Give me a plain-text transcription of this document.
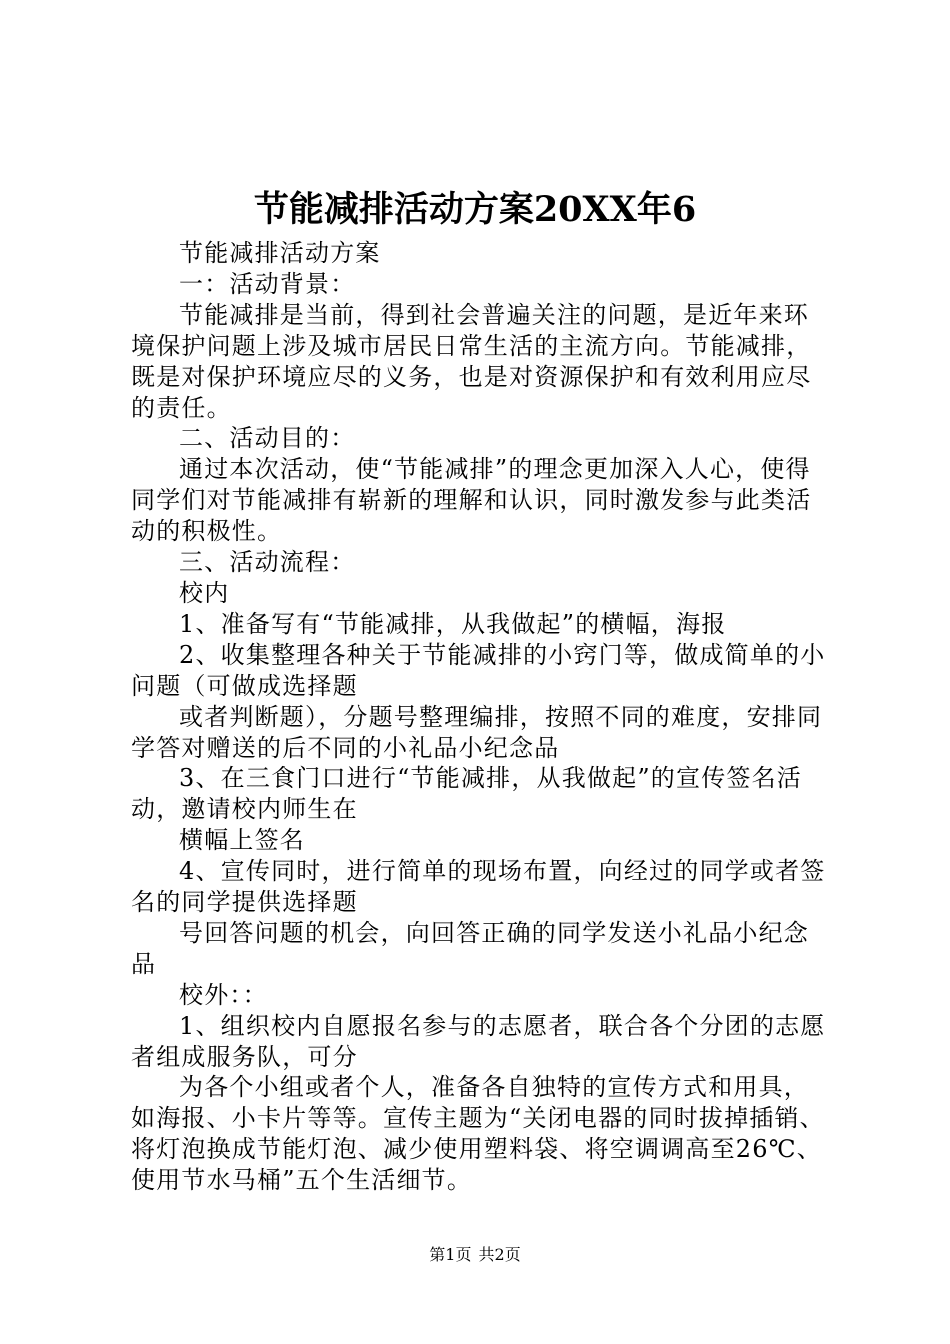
节能减排活动方案20XX年6

节能减排活动方案

一：活动背景：

节能减排是当前，得到社会普遍关注的问题，是近年来环境保护问题上涉及城市居民日常生活的主流方向。节能减排，既是对保护环境应尽的义务，也是对资源保护和有效利用应尽的责任。

二、活动目的：

通过本次活动，使“节能减排”的理念更加深入人心，使得同学们对节能减排有崭新的理解和认识，同时激发参与此类活动的积极性。

三、活动流程：

校内

1、准备写有“节能减排，从我做起”的横幅，海报

2、收集整理各种关于节能减排的小窍门等，做成简单的小问题（可做成选择题

或者判断题），分题号整理编排，按照不同的难度，安排同学答对赠送的后不同的小礼品小纪念品

3、在三食门口进行“节能减排，从我做起”的宣传签名活动，邀请校内师生在

横幅上签名

4、宣传同时，进行简单的现场布置，向经过的同学或者签名的同学提供选择题

号回答问题的机会，向回答正确的同学发送小礼品小纪念品

校外：：

1、组织校内自愿报名参与的志愿者，联合各个分团的志愿者组成服务队，可分

为各个小组或者个人，准备各自独特的宣传方式和用具，如海报、小卡片等等。宣传主题为“关闭电器的同时拔掉插销、将灯泡换成节能灯泡、减少使用塑料袋、将空调调高至26℃、使用节水马桶”五个生活细节。

第1页 共2页
